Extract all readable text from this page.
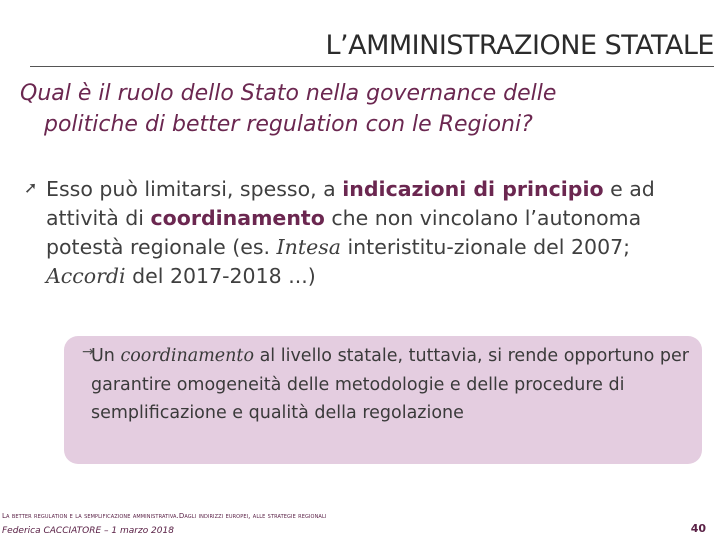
L’AMMINISTRAZIONE STATALE
Qual è il ruolo dello Stato nella governance delle
politiche di better regulation con le Regioni?
➚ Esso può limitarsi, spesso, a indicazioni di principio e ad attività di coordinamento che non vincolano l’autonoma potestà regionale (es. Intesa interistitu-zionale del 2007; Accordi del 2017-2018 ...)
→
Un coordinamento al livello statale, tuttavia, si rende opportuno per garantire omogeneità delle metodologie e delle procedure di semplificazione e qualità della regolazione
La better regulation e la semplificazione amministrativa.Dagli indirizzi europei, alle strategie regionali
Federica CACCIATORE – 1 marzo 2018	40
